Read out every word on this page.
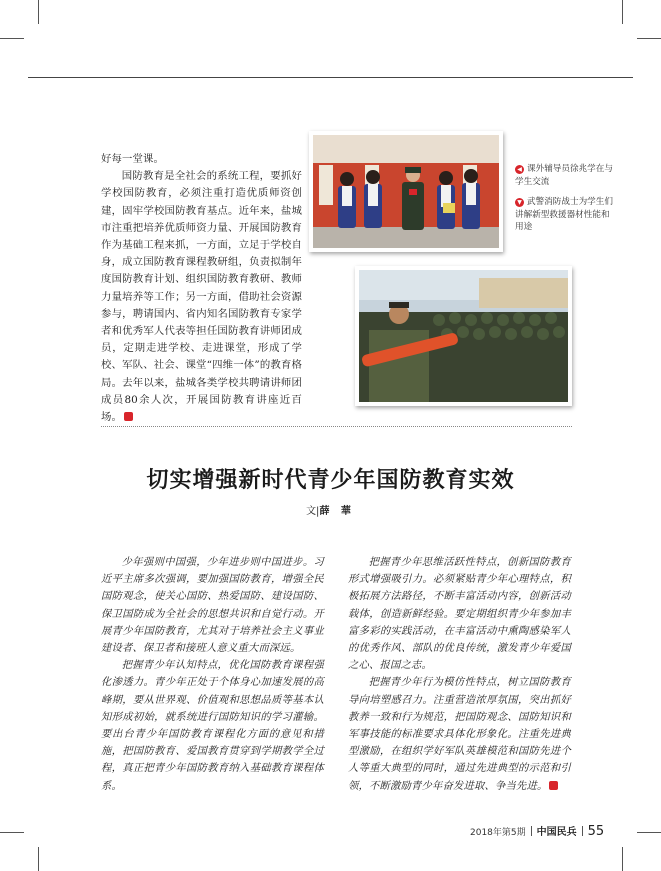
好每一堂课。

国防教育是全社会的系统工程，要抓好学校国防教育，必须注重打造优质师资创建，固牢学校国防教育基点。近年来，盐城市注重把培养优质师资力量、开展国防教育作为基础工程来抓，一方面，立足于学校自身，成立国防教育课程教研组，负责拟制年度国防教育计划、组织国防教育教研、教师力量培养等工作；另一方面，借助社会资源参与，聘请国内、省内知名国防教育专家学者和优秀军人代表等担任国防教育讲师团成员，定期走进学校、走进课堂，形成了学校、军队、社会、课堂“四维一体”的教育格局。去年以来，盐城各类学校共聘请讲师团成员80余人次，开展国防教育讲座近百场。

◀ 课外辅导员徐兆学在与学生交流
▼ 武警消防战士为学生们讲解新型救援器材性能和用途
切实增强新时代青少年国防教育实效
文|薛 華

少年强则中国强，少年进步则中国进步。习近平主席多次强调，要加强国防教育，增强全民国防观念，使关心国防、热爱国防、建设国防、保卫国防成为全社会的思想共识和自觉行动。开展青少年国防教育，尤其对于培养社会主义事业建设者、保卫者和接班人意义重大而深远。

把握青少年认知特点，优化国防教育课程强化渗透力。青少年正处于个体身心加速发展的高峰期，要从世界观、价值观和思想品质等基本认知形成初始，就系统进行国防知识的学习灌输。要出台青少年国防教育课程化方面的意见和措施，把国防教育、爱国教育贯穿到学期教学全过程，真正把青少年国防教育纳入基础教育课程体系。

把握青少年思维活跃性特点，创新国防教育形式增强吸引力。必须紧贴青少年心理特点，积极拓展方法路径，不断丰富活动内容，创新活动载体，创造新鲜经验。要定期组织青少年参加丰富多彩的实践活动，在丰富活动中熏陶感染军人的优秀作风、部队的优良传统，激发青少年爱国之心、报国之志。

把握青少年行为模仿性特点，树立国防教育导向培塑感召力。注重营造浓厚氛围，突出抓好教养一致和行为规范，把国防观念、国防知识和军事技能的标准要求具体化形象化。注重先进典型激励，在组织学好军队英雄模范和国防先进个人等重大典型的同时，通过先进典型的示范和引领，不断激励青少年奋发进取、争当先进。

2018年第5期 中国民兵 55
